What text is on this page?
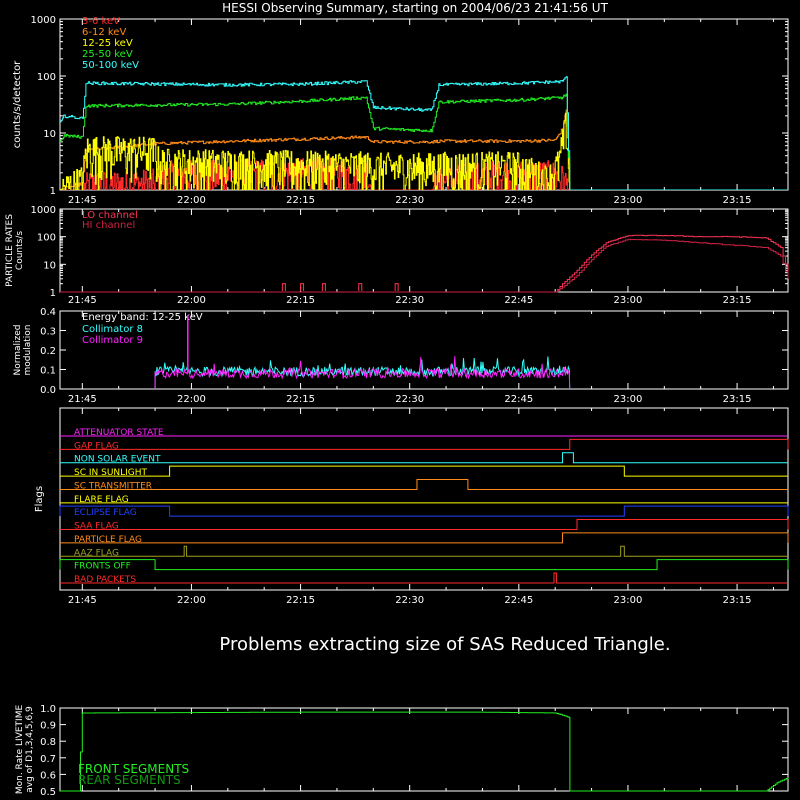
HESSI Observing Summary, starting on 2004/06/23 21:41:56 UT
1
10
100
1000
21:45	22:00	22:15	22:30	22:45	23:00	23:15
counts/s/detector
3-6 keV
6-12 keV
12-25 keV
25-50 keV
50-100 keV
1
10
100
1000
21:45	22:00	22:15	22:30	22:45	23:00	23:15
PARTICLE RATES Counts/s
LO channel
HI channel
0.0
0.1
0.2
0.3
0.4
21:45	22:00	22:15	22:30	22:45	23:00	23:15
Normalized modulation
Energy band: 12-25 keV
Collimator 8
Collimator 9
21:45	22:00	22:15	22:30	22:45	23:00	23:15
Flags
ATTENUATOR STATE
GAP FLAG
NON SOLAR EVENT
SC IN SUNLIGHT
SC TRANSMITTER
FLARE FLAG
ECLIPSE FLAG
SAA FLAG
PARTICLE FLAG
AAZ FLAG
FRONTS OFF
BAD PACKETS
0.5
0.6
0.7
0.8
0.9
1.0
Mon. Rate LIVETIME avg of D1,3,4,5,6,9	FRONT SEGMENTS
REAR SEGMENTS
Problems extracting size of SAS Reduced Triangle.
